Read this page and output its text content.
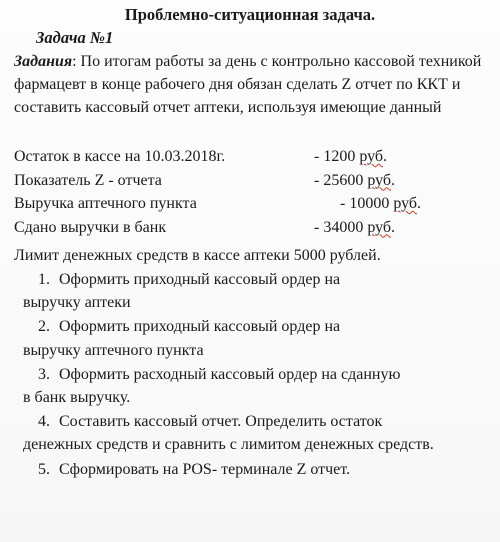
Проблемно-ситуационная задача.
Задача №1
Задания: По итогам работы за день с контрольно кассовой техникой фармацевт в конце рабочего дня обязан сделать Z отчет по ККТ и составить кассовый отчет аптеки, используя имеющие данный
Остаток в кассе на 10.03.2018г.	- 1200 руб.
Показатель Z - отчета	- 25600 руб.
Выручка аптечного пункта	- 10000 руб.
Сдано выручки в банк	- 34000 руб.
Лимит денежных средств в кассе аптеки 5000 рублей.
1. Оформить приходный кассовый ордер на
выручку аптеки
2. Оформить приходный кассовый ордер на
выручку аптечного пункта
3. Оформить расходный кассовый ордер на сданную
в банк выручку.
4. Составить кассовый отчет. Определить остаток
денежных средств и сравнить с лимитом денежных средств.
5. Сформировать на POS- терминале Z отчет.
